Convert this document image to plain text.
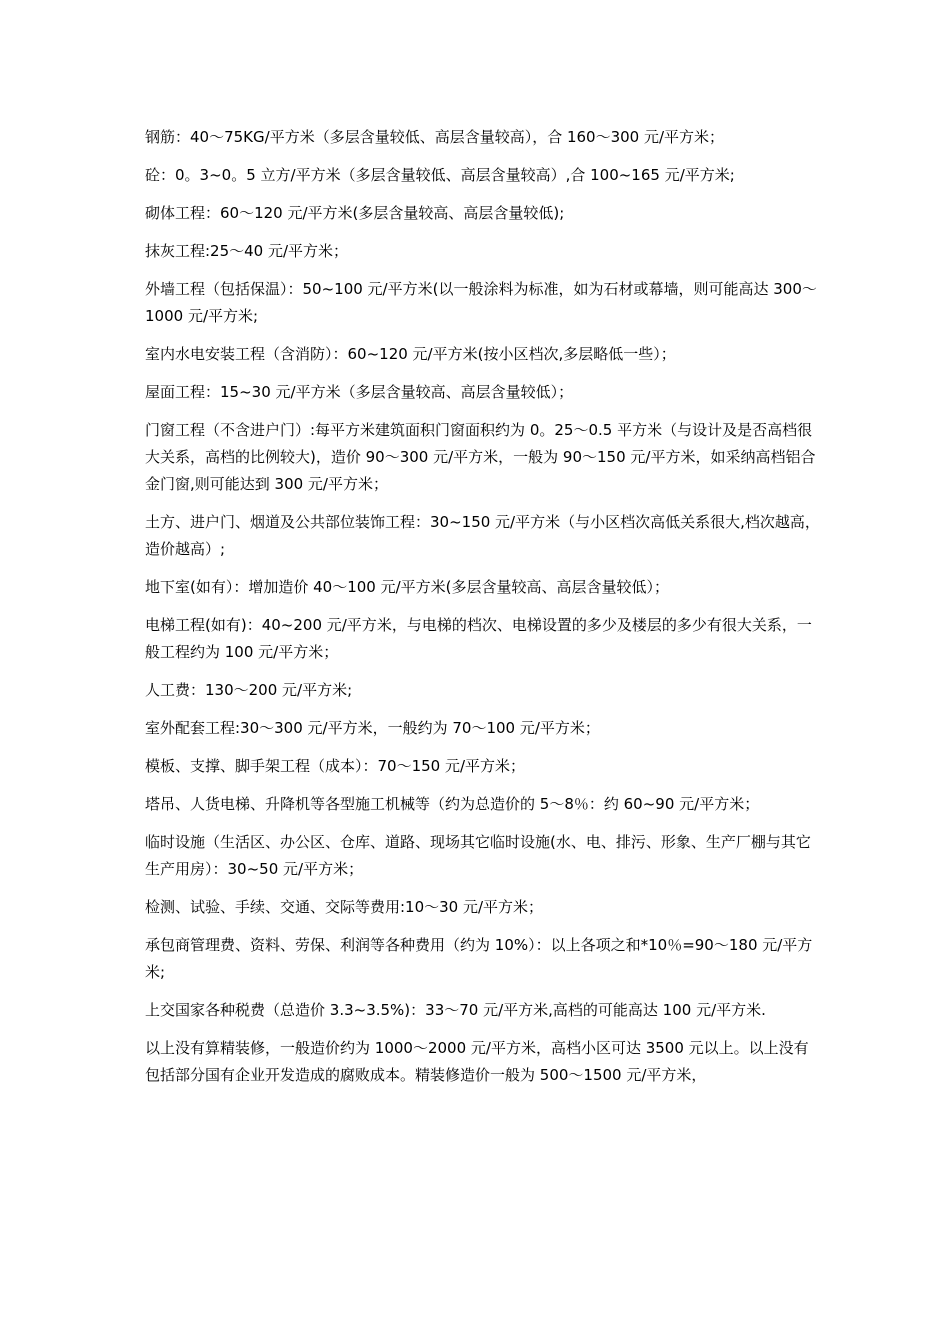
钢筋：40～75KG/平方米（多层含量较低、高层含量较高），合 160～300 元/平方米；

砼：0。3~0。5 立方/平方米（多层含量较低、高层含量较高）,合 100~165 元/平方米;

砌体工程：60～120 元/平方米(多层含量较高、高层含量较低);

抹灰工程:25～40 元/平方米；

外墙工程（包括保温）：50~100 元/平方米(以一般涂料为标准，如为石材或幕墙，则可能高达 300～1000 元/平方米;

室内水电安装工程（含消防）：60~120 元/平方米(按小区档次,多层略低一些）；

屋面工程：15~30 元/平方米（多层含量较高、高层含量较低）；

门窗工程（不含进户门）:每平方米建筑面积门窗面积约为 0。25～0.5 平方米（与设计及是否高档很大关系，高档的比例较大)，造价 90～300 元/平方米，一般为 90～150 元/平方米，如采纳高档铝合金门窗,则可能达到 300 元/平方米；

土方、进户门、烟道及公共部位装饰工程：30~150 元/平方米（与小区档次高低关系很大,档次越高，造价越高）;

地下室(如有）：增加造价 40～100 元/平方米(多层含量较高、高层含量较低）；

电梯工程(如有)：40~200 元/平方米，与电梯的档次、电梯设置的多少及楼层的多少有很大关系，一般工程约为 100 元/平方米；

人工费：130～200 元/平方米;

室外配套工程:30～300 元/平方米，一般约为 70～100 元/平方米；

模板、支撑、脚手架工程（成本）：70～150 元/平方米；

塔吊、人货电梯、升降机等各型施工机械等（约为总造价的 5～8％：约 60~90 元/平方米；

临时设施（生活区、办公区、仓库、道路、现场其它临时设施(水、电、排污、形象、生产厂棚与其它生产用房）：30~50 元/平方米；

检测、试验、手续、交通、交际等费用:10～30 元/平方米；

承包商管理费、资料、劳保、利润等各种费用（约为 10%）：以上各项之和*10％=90～180 元/平方米;

上交国家各种税费（总造价 3.3~3.5%)：33～70 元/平方米,高档的可能高达 100 元/平方米.

以上没有算精装修，一般造价约为 1000～2000 元/平方米，高档小区可达 3500 元以上。以上没有包括部分国有企业开发造成的腐败成本。精装修造价一般为 500～1500 元/平方米，
